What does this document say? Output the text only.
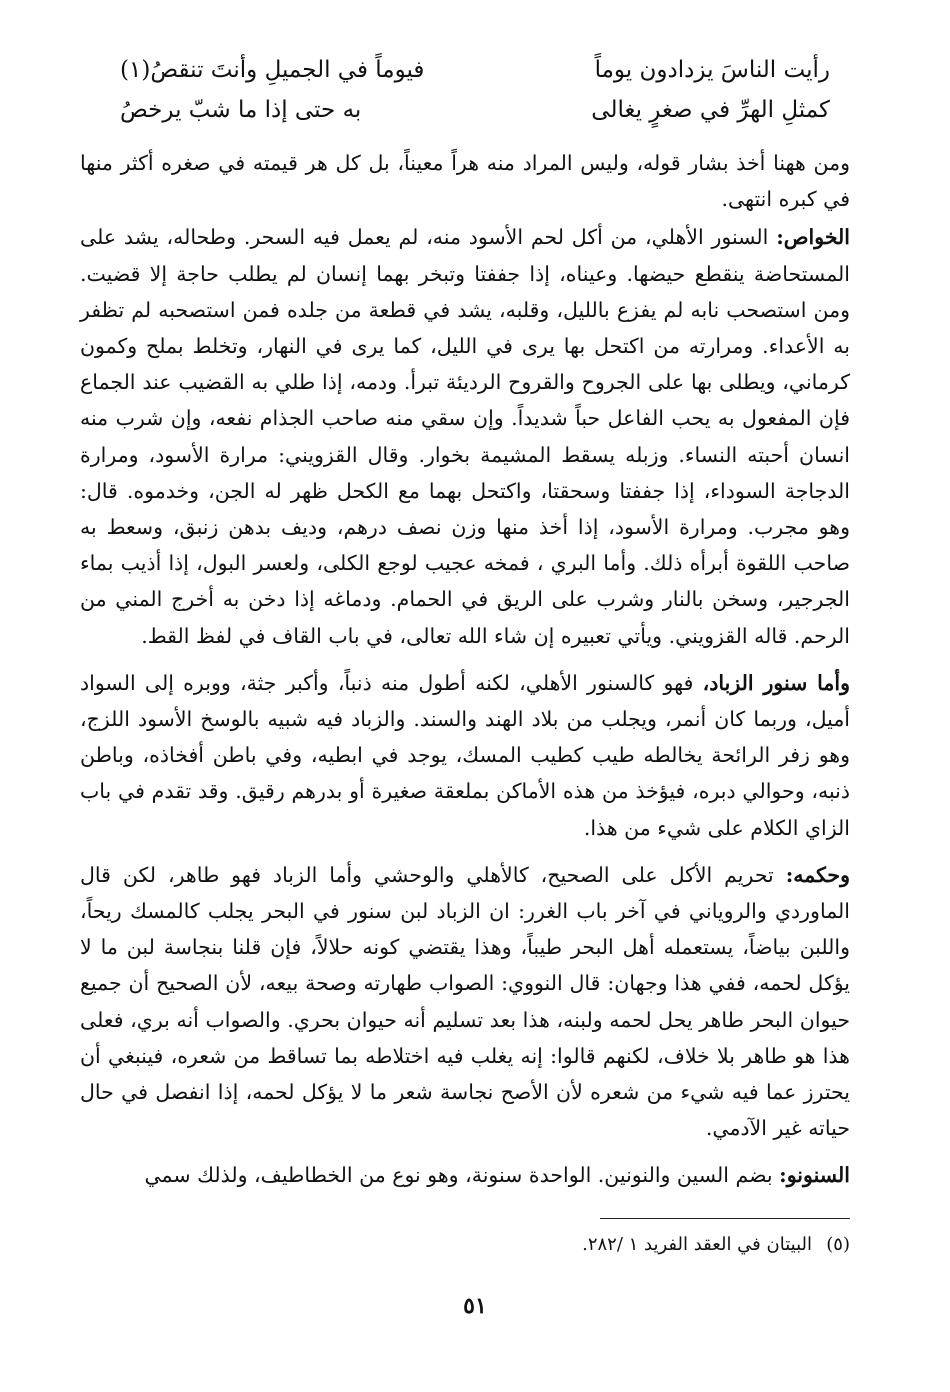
رأيت الناسَ يزدادون يوماً
فيوماً في الجميلِ وأنتَ تنقصُ(١)
كمثلِ الهرِّ في صغرٍ يغالى
به حتى إذا ما شبّ يرخصُ

ومن ههنا أخذ بشار قوله، وليس المراد منه هراً معيناً، بل كل هر قيمته في صغره أكثر منها في كبره انتهى.

الخواص: السنور الأهلي، من أكل لحم الأسود منه، لم يعمل فيه السحر. وطحاله، يشد على المستحاضة ينقطع حيضها. وعيناه، إذا جففتا وتبخر بهما إنسان لم يطلب حاجة إلا قضيت. ومن استصحب نابه لم يفزع بالليل، وقلبه، يشد في قطعة من جلده فمن استصحبه لم تظفر به الأعداء. ومرارته من اكتحل بها يرى في الليل، كما يرى في النهار، وتخلط بملح وكمون كرماني، ويطلى بها على الجروح والقروح الرديئة تبرأ. ودمه، إذا طلي به القضيب عند الجماع فإن المفعول به يحب الفاعل حباً شديداً. وإن سقي منه صاحب الجذام نفعه، وإن شرب منه انسان أحبته النساء. وزبله يسقط المشيمة بخوار. وقال القزويني: مرارة الأسود، ومرارة الدجاجة السوداء، إذا جففتا وسحقتا، واكتحل بهما مع الكحل ظهر له الجن، وخدموه. قال: وهو مجرب. ومرارة الأسود، إذا أخذ منها وزن نصف درهم، وديف بدهن زنبق، وسعط به صاحب اللقوة أبرأه ذلك. وأما البري ، فمخه عجيب لوجع الكلى، ولعسر البول، إذا أذيب بماء الجرجير، وسخن بالنار وشرب على الريق في الحمام. ودماغه إذا دخن به أخرج المني من الرحم. قاله القزويني. ويأتي تعبيره إن شاء الله تعالى، في باب القاف في لفظ القط.

وأما سنور الزباد، فهو كالسنور الأهلي، لكنه أطول منه ذنباً، وأكبر جثة، ووبره إلى السواد أميل، وربما كان أنمر، ويجلب من بلاد الهند والسند. والزباد فيه شبيه بالوسخ الأسود اللزج، وهو زفر الرائحة يخالطه طيب كطيب المسك، يوجد في ابطيه، وفي باطن أفخاذه، وباطن ذنبه، وحوالي دبره، فيؤخذ من هذه الأماكن بملعقة صغيرة أو بدرهم رقيق. وقد تقدم في باب الزاي الكلام على شيء من هذا.

وحكمه: تحريم الأكل على الصحيح، كالأهلي والوحشي وأما الزباد فهو طاهر، لكن قال الماوردي والروياني في آخر باب الغرر: ان الزباد لبن سنور في البحر يجلب كالمسك ريحاً، واللبن بياضاً، يستعمله أهل البحر طيباً، وهذا يقتضي كونه حلالاً، فإن قلنا بنجاسة لبن ما لا يؤكل لحمه، ففي هذا وجهان: قال النووي: الصواب طهارته وصحة بيعه، لأن الصحيح أن جميع حيوان البحر طاهر يحل لحمه ولبنه، هذا بعد تسليم أنه حيوان بحري. والصواب أنه بري، فعلى هذا هو طاهر بلا خلاف، لكنهم قالوا: إنه يغلب فيه اختلاطه بما تساقط من شعره، فينبغي أن يحترز عما فيه شيء من شعره لأن الأصح نجاسة شعر ما لا يؤكل لحمه، إذا انفصل في حال حياته غير الآدمي.

السنونو: بضم السين والنونين. الواحدة سنونة، وهو نوع من الخطاطيف، ولذلك سمي

(٥)البيتان في العقد الفريد ١ /٢٨٢.
٥١
